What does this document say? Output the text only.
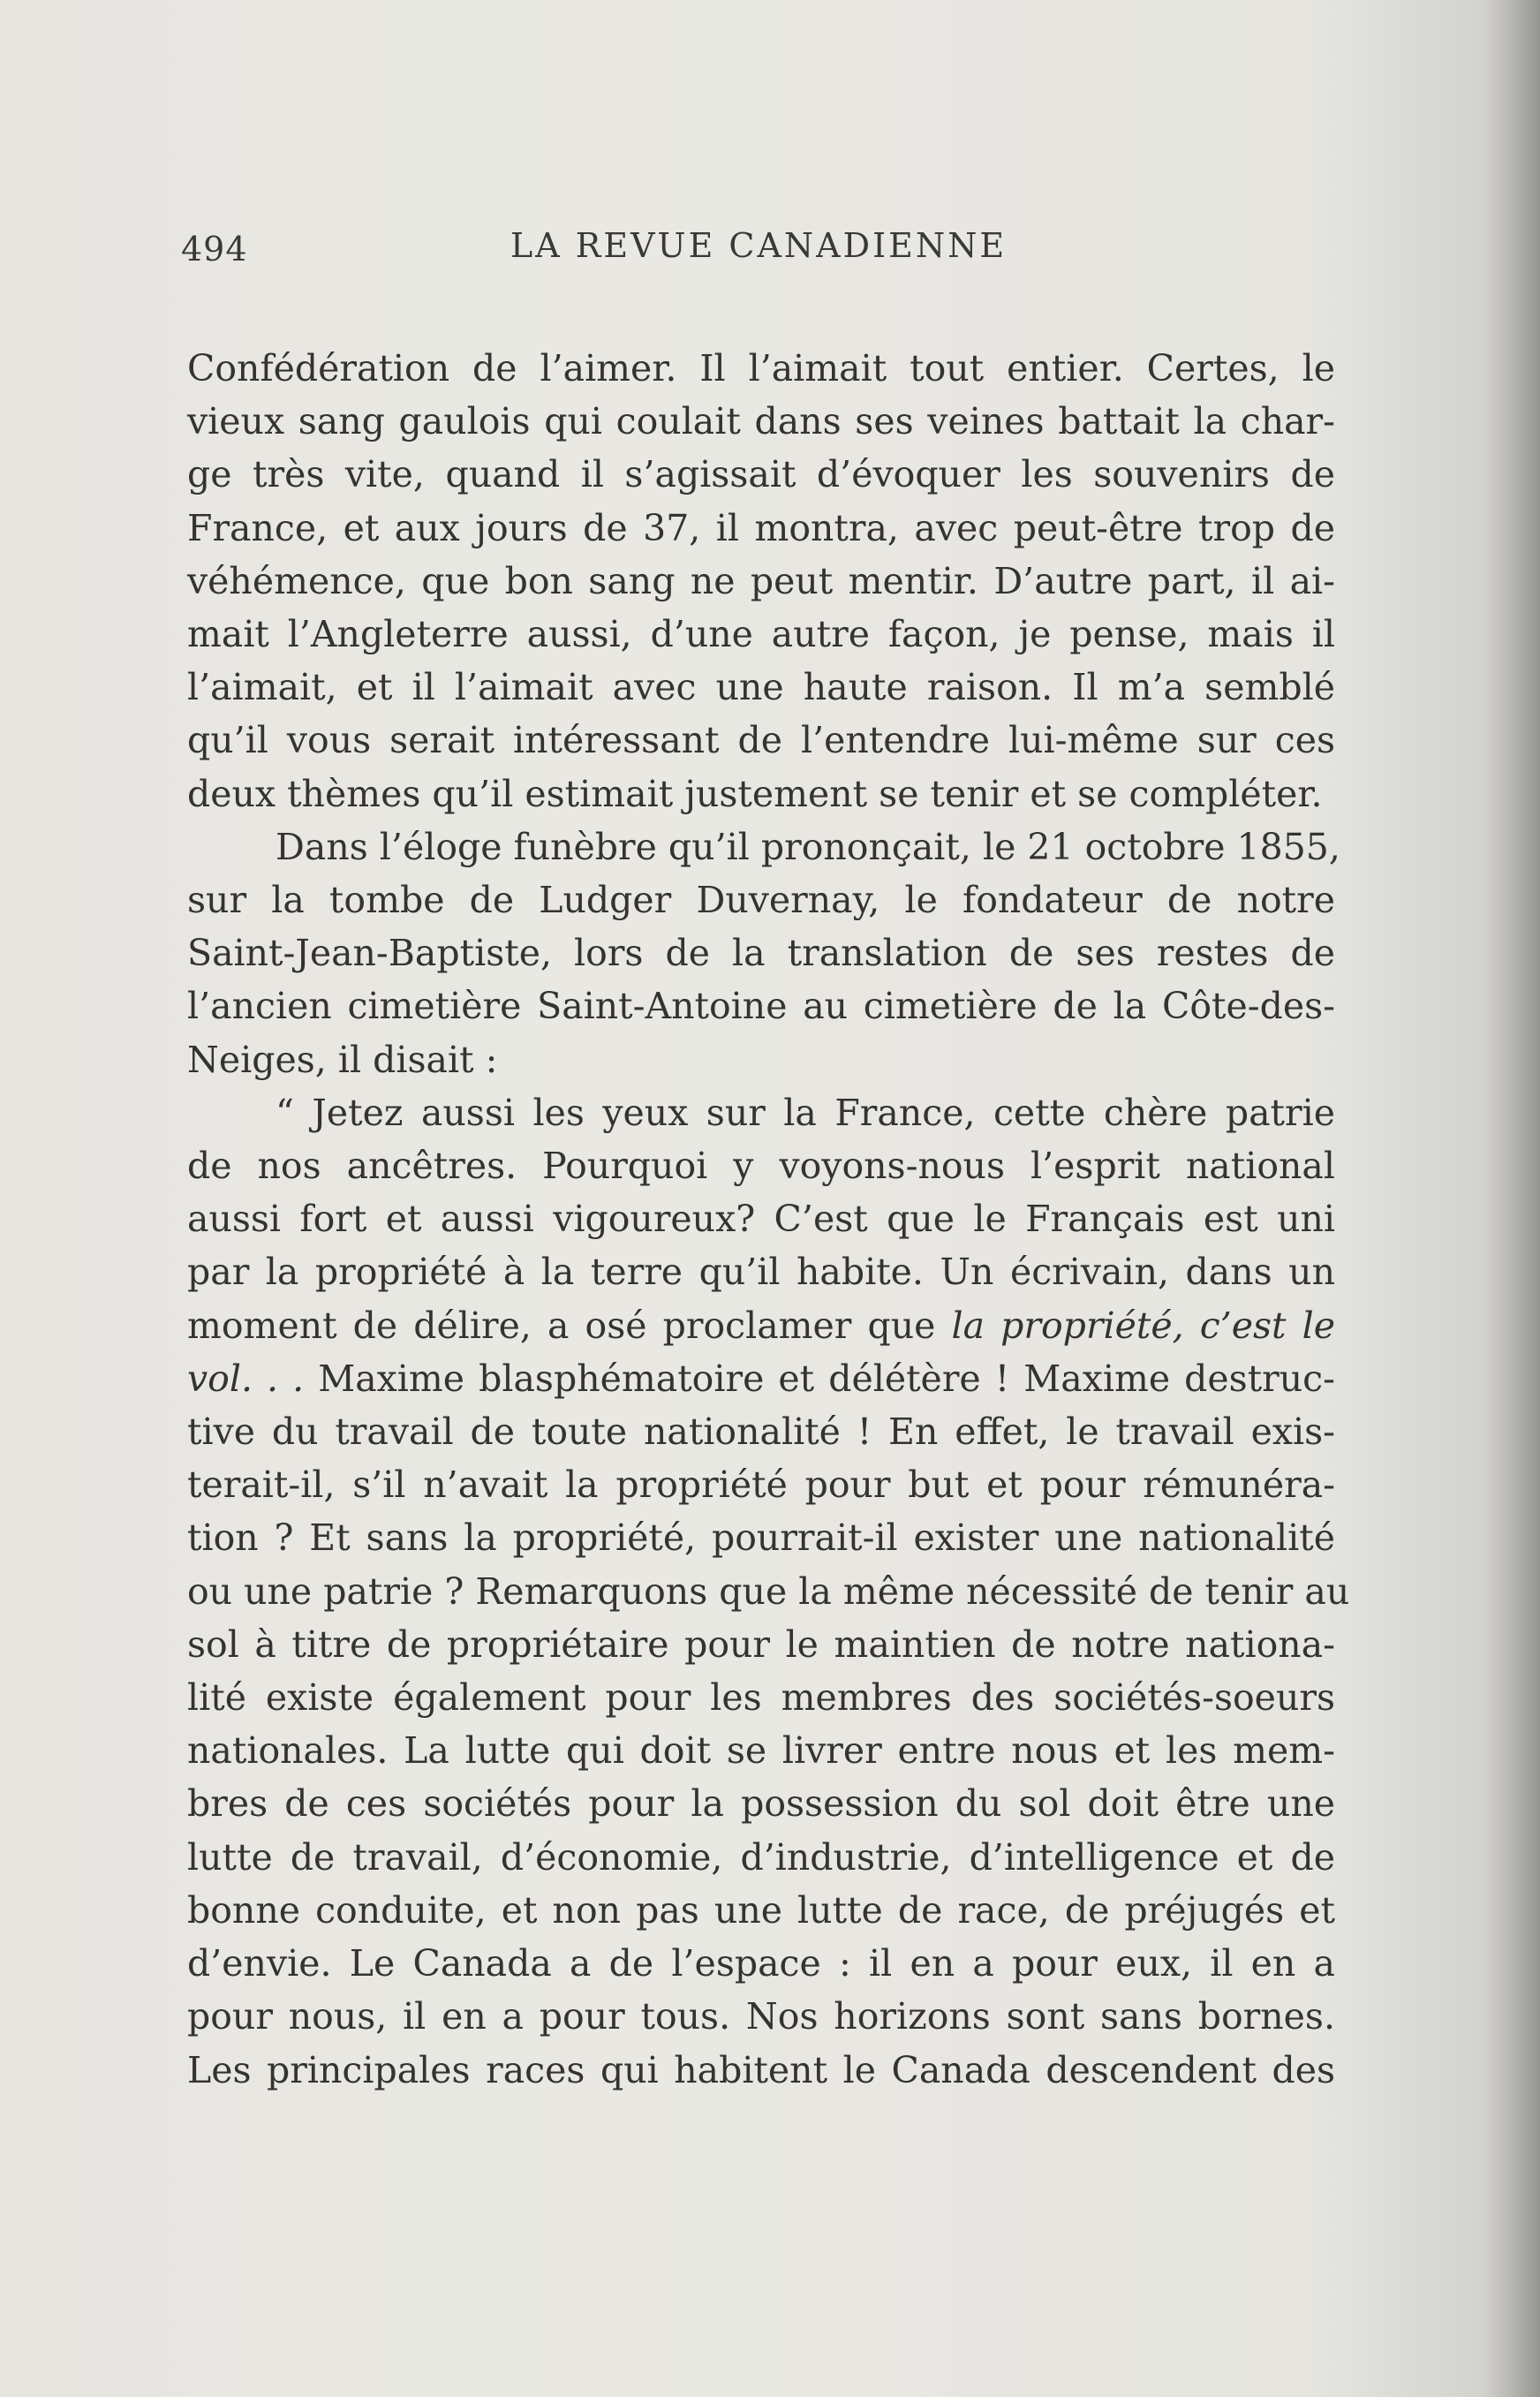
494	LA REVUE CANADIENNE
Confédération de l’aimer. Il l’aimait tout entier. Certes, le
vieux sang gaulois qui coulait dans ses veines battait la char-
ge très vite, quand il s’agissait d’évoquer les souvenirs de
France, et aux jours de 37, il montra, avec peut-être trop de
véhémence, que bon sang ne peut mentir. D’autre part, il ai-
mait l’Angleterre aussi, d’une autre façon, je pense, mais il
l’aimait, et il l’aimait avec une haute raison. Il m’a semblé
qu’il vous serait intéressant de l’entendre lui-même sur ces
deux thèmes qu’il estimait justement se tenir et se compléter.
Dans l’éloge funèbre qu’il prononçait, le 21 octobre 1855,
sur la tombe de Ludger Duvernay, le fondateur de notre
Saint-Jean-Baptiste, lors de la translation de ses restes de
l’ancien cimetière Saint-Antoine au cimetière de la Côte-des-
Neiges, il disait :
“ Jetez aussi les yeux sur la France, cette chère patrie
de nos ancêtres. Pourquoi y voyons-nous l’esprit national
aussi fort et aussi vigoureux? C’est que le Français est uni
par la propriété à la terre qu’il habite. Un écrivain, dans un
moment de délire, a osé proclamer que la propriété, c’est le
vol. . . Maxime blasphématoire et délétère ! Maxime destruc-
tive du travail de toute nationalité ! En effet, le travail exis-
terait-il, s’il n’avait la propriété pour but et pour rémunéra-
tion ? Et sans la propriété, pourrait-il exister une nationalité
ou une patrie ? Remarquons que la même nécessité de tenir au
sol à titre de propriétaire pour le maintien de notre nationa-
lité existe également pour les membres des sociétés-soeurs
nationales. La lutte qui doit se livrer entre nous et les mem-
bres de ces sociétés pour la possession du sol doit être une
lutte de travail, d’économie, d’industrie, d’intelligence et de
bonne conduite, et non pas une lutte de race, de préjugés et
d’envie. Le Canada a de l’espace : il en a pour eux, il en a
pour nous, il en a pour tous. Nos horizons sont sans bornes.
Les principales races qui habitent le Canada descendent des
